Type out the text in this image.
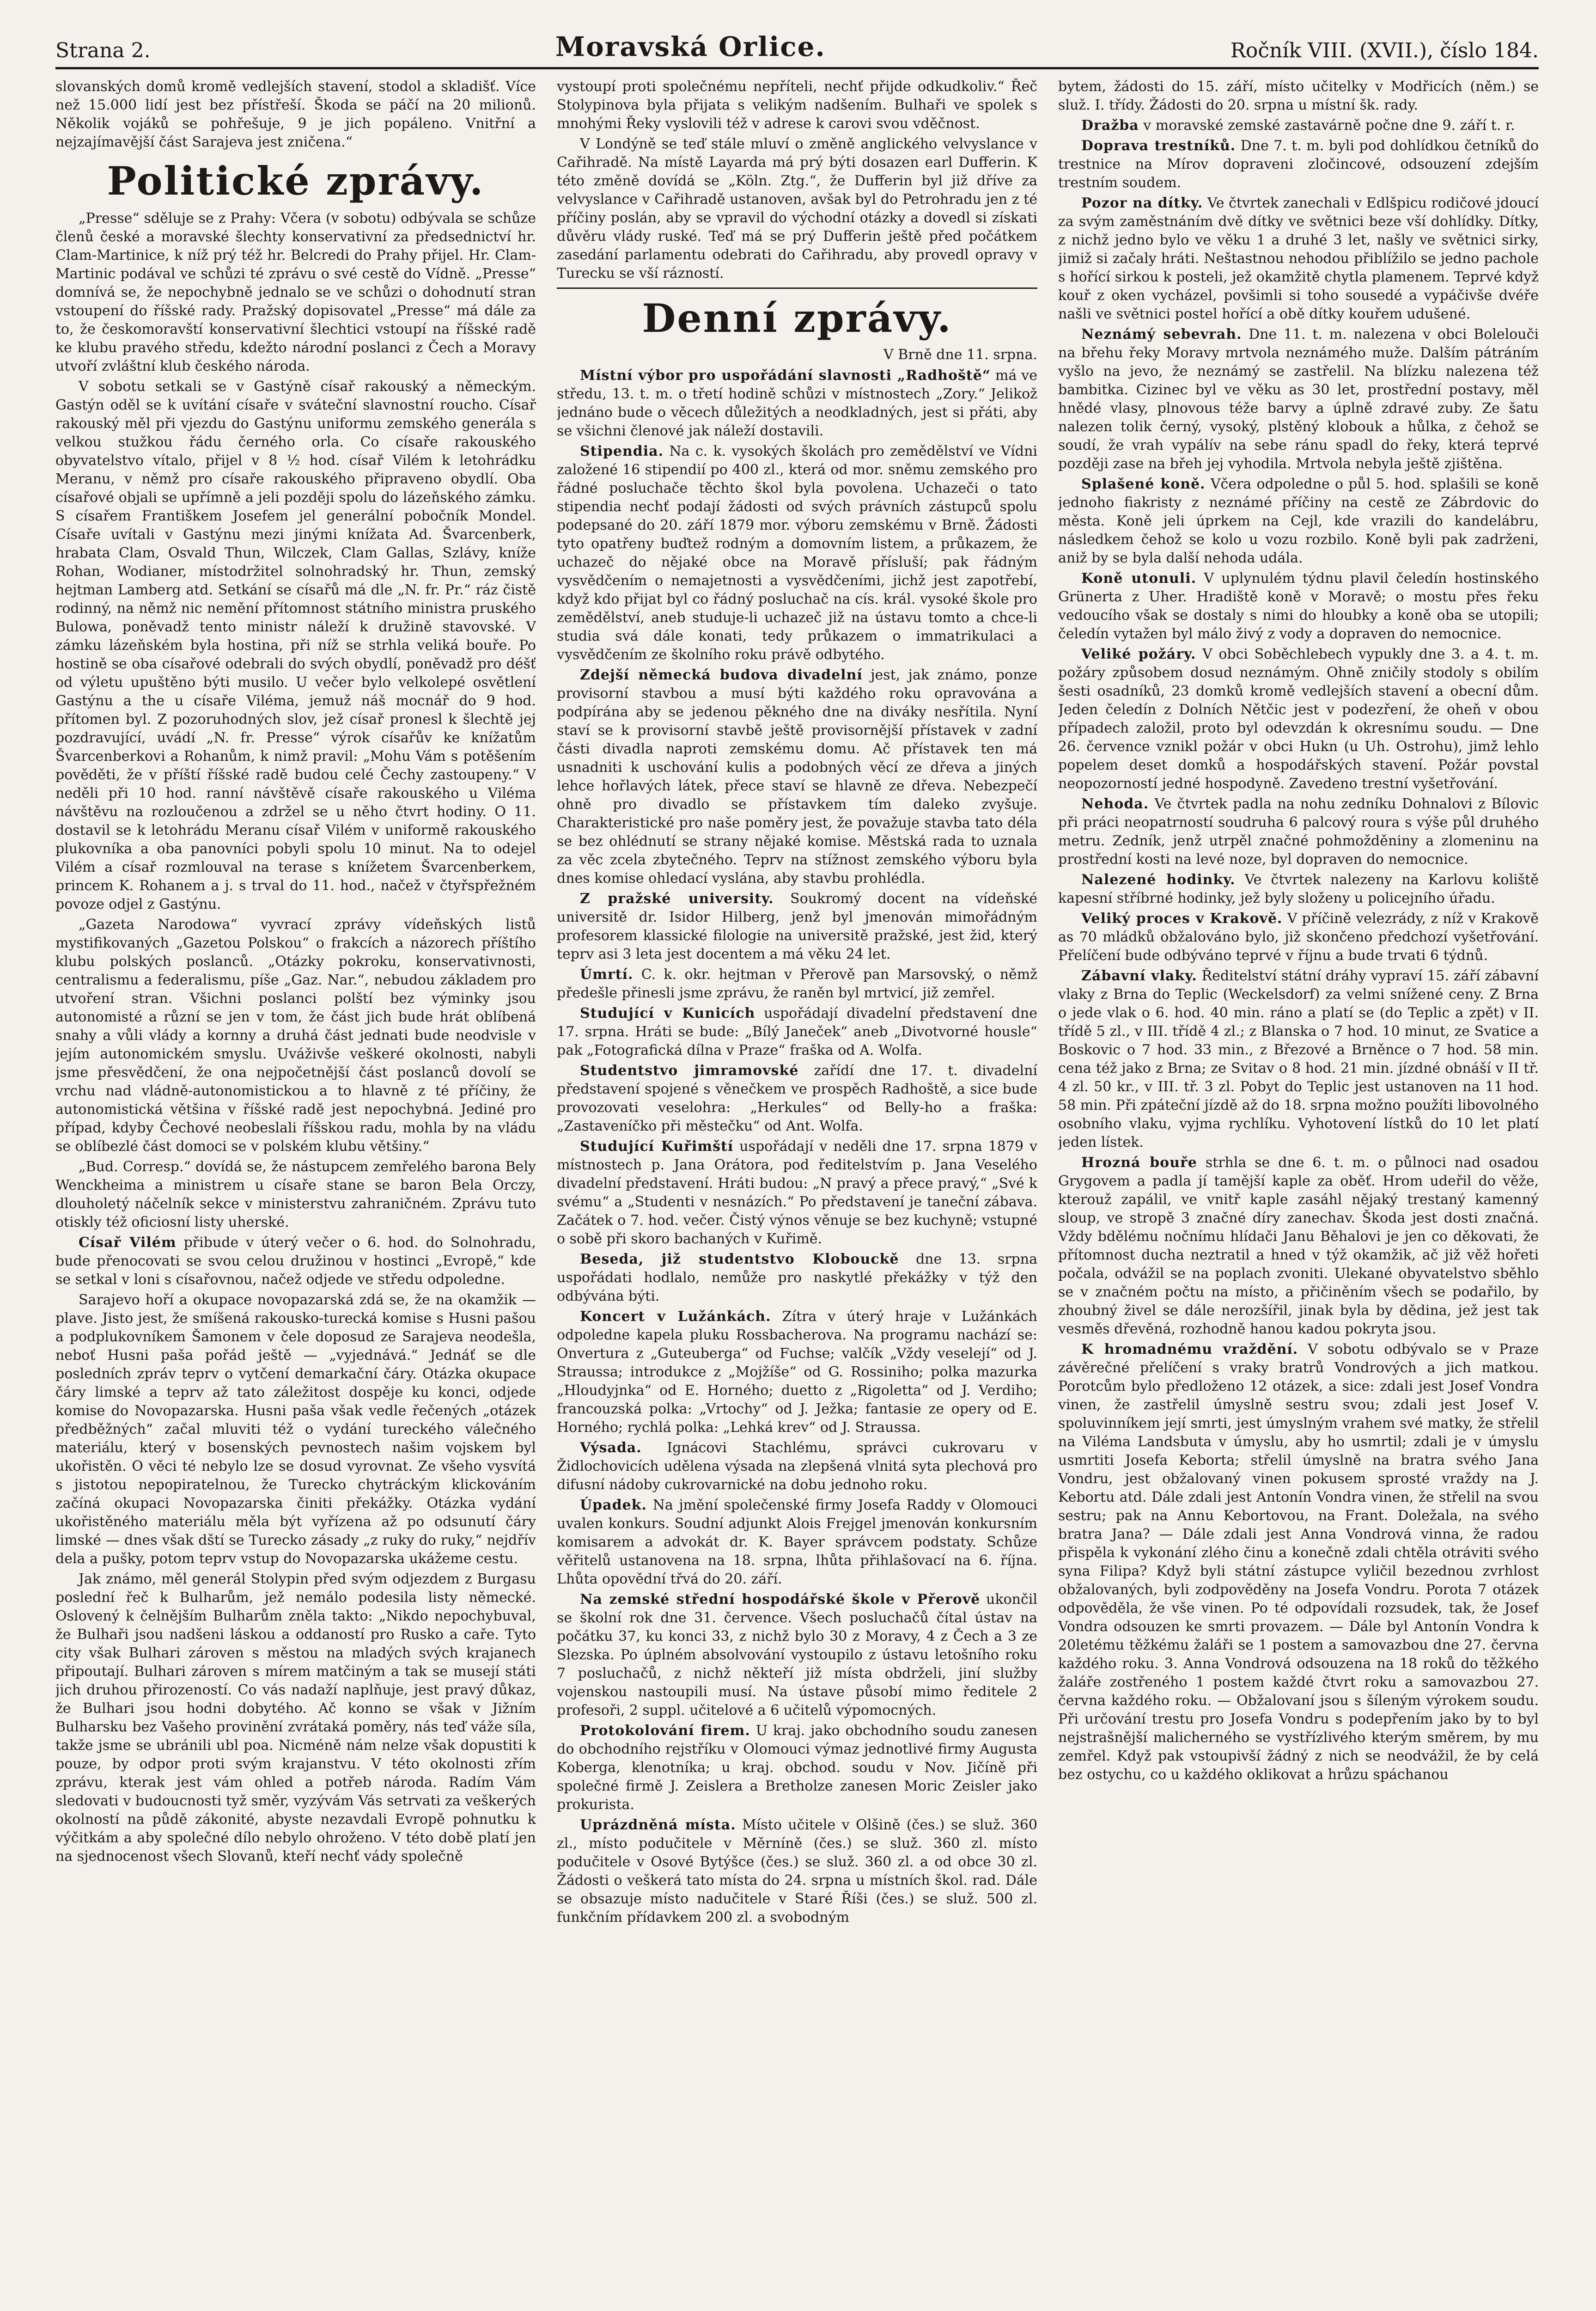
Strana 2.	Moravská Orlice.	Ročník VIII. (XVII.), číslo 184.

slovanských domů kromě vedlejších stavení, stodol a skladišť. Více než 15.000 lidí jest bez přístřeší. Škoda se páčí na 20 milionů. Několik vojáků se pohřešuje, 9 je jich popáleno. Vnitřní a nejzajímavější část Sarajeva jest zničena.“

Politické zprávy.

„Presse“ sděluje se z Prahy: Včera (v sobotu) odbývala se schůze členů české a moravské šlechty konservativní za předsednictví hr. Clam-Martinice, k níž prý též hr. Belcredi do Prahy přijel. Hr. Clam-Martinic podával ve schůzi té zprávu o své cestě do Vídně. „Presse“ domnívá se, že nepochybně jednalo se ve schůzi o dohodnutí stran vstoupení do říšské rady. Pražský dopisovatel „Presse“ má dále za to, že českomoravští konservativní šlechtici vstoupí na říšské radě ke klubu pravého středu, kdežto národní poslanci z Čech a Moravy utvoří zvláštní klub českého národa.

V sobotu setkali se v Gastýně císař rakouský a německým. Gastýn oděl se k uvítání císaře v sváteční slavnostní roucho. Císař rakouský měl při vjezdu do Gastýnu uniformu zemského generála s velkou stužkou řádu černého orla. Co císaře rakouského obyvatelstvo vítalo, přijel v 8 ½ hod. císař Vilém k letohrádku Meranu, v němž pro císaře rakouského připraveno obydlí. Oba císařové objali se upřímně a jeli později spolu do lázeňského zámku. S císařem Františkem Josefem jel generální pobočník Mondel. Císaře uvítali v Gastýnu mezi jinými knížata Ad. Švarcenberk, hrabata Clam, Osvald Thun, Wilczek, Clam Gallas, Szlávy, kníže Rohan, Wodianer, místodržitel solnohradský hr. Thun, zemský hejtman Lamberg atd. Setkání se císařů má dle „N. fr. Pr.“ ráz čistě rodinný, na němž nic nemění přítomnost státního ministra pruského Bulowa, poněvadž tento ministr náleží k družině stavovské. V zámku lázeňském byla hostina, při níž se strhla veliká bouře. Po hostině se oba císařové odebrali do svých obydlí, poněvadž pro déšť od výletu upuštěno býti musilo. U večer bylo velkolepé osvětlení Gastýnu a the u císaře Viléma, jemuž náš mocnář do 9 hod. přítomen byl. Z pozoruhodných slov, jež císař pronesl k šlechtě jej pozdravující, uvádí „N. fr. Presse“ výrok císařův ke knížatům Švarcenberkovi a Rohanům, k nimž pravil: „Mohu Vám s potěšením pověděti, že v příští říšské radě budou celé Čechy zastoupeny.“ V neděli při 10 hod. ranní návštěvě císaře rakouského u Viléma návštěvu na rozloučenou a zdržel se u něho čtvrt hodiny. O 11. dostavil se k letohrádu Meranu císař Vilém v uniformě rakouského plukovníka a oba panovníci pobyli spolu 10 minut. Na to odejel Vilém a císař rozmlouval na terase s knížetem Švarcenberkem, princem K. Rohanem a j. s trval do 11. hod., načež v čtyřspřežném povoze odjel z Gastýnu.

„Gazeta Narodowa“ vyvrací zprávy vídeňských listů mystifikovaných „Gazetou Polskou“ o frakcích a názorech příštího klubu polských poslanců. „Otázky pokroku, konservativnosti, centralismu a federalismu, píše „Gaz. Nar.“, nebudou základem pro utvoření stran. Všichni poslanci polští bez výminky jsou autonomisté a různí se jen v tom, že část jich bude hrát oblíbená snahy a vůli vlády a kornny a druhá část jednati bude neodvisle v jejím autonomickém smyslu. Uváživše veškeré okolnosti, nabyli jsme přesvědčení, že ona nejpočetnější část poslanců dovolí se vrchu nad vládně-autonomistickou a to hlavně z té příčiny, že autonomistická většina v říšské radě jest nepochybná. Jediné pro případ, kdyby Čechové neobeslali říšskou radu, mohla by na vládu se oblíbezlé část domoci se v polském klubu většiny.“

„Bud. Corresp.“ dovídá se, že nástupcem zemřelého barona Bely Wenckheima a ministrem u císaře stane se baron Bela Orczy, dlouholetý náčelník sekce v ministerstvu zahraničném. Zprávu tuto otiskly též oficiosní listy uherské.

Císař Vilém přibude v úterý večer o 6. hod. do Solnohradu, bude přenocovati se svou celou družinou v hostinci „Evropě,“ kde se setkal v loni s císařovnou, načež odjede ve středu odpoledne.

Sarajevo hoří a okupace novopazarská zdá se, že na okamžik — plave. Jisto jest, že smíšená rakousko-turecká komise s Husni pašou a podplukovníkem Šamonem v čele doposud ze Sarajeva neodešla, neboť Husni paša pořád ještě — „vyjednává.“ Jednáť se dle posledních zpráv teprv o vytčení demarkační čáry. Otázka okupace čáry limské a teprv až tato záležitost dospěje ku konci, odjede komise do Novopazarska. Husni paša však vedle řečených „otázek předběžných“ začal mluviti též o vydání tureckého válečného materiálu, který v bosenských pevnostech našim vojskem byl ukořistěn. O věci té nebylo lze se dosud vyrovnat. Ze všeho vysvítá s jistotou nepopiratelnou, že Turecko chytráckým klickováním začíná okupaci Novopazarska činiti překážky. Otázka vydání ukořistěného materiálu měla být vyřízena až po odsunutí čáry limské — dnes však dští se Turecko zásady „z ruky do ruky,“ nejdřív dela a pušky, potom teprv vstup do Novopazarska ukážeme cestu.

Jak známo, měl generál Stolypin před svým odjezdem z Burgasu poslední řeč k Bulharům, jež nemálo podesila listy německé. Oslovený k čelnějším Bulharům zněla takto: „Nikdo nepochybuval, že Bulhaři jsou nadšeni láskou a oddaností pro Rusko a caře. Tyto city však Bulhari zároven s městou na mladých svých krajanech připoutají. Bulhari zároven s mírem matčiným a tak se musejí státi jich druhou přirozeností. Co vás nadaží naplňuje, jest pravý důkaz, že Bulhari jsou hodni dobytého. Ač konno se však v Jižním Bulharsku bez Vašeho provinění zvrátaká poměry, nás teď váže síla, takže jsme se ubránili ubl poa. Nicméně nám nelze však dopustiti k pouze, by odpor proti svým krajanstvu. V této okolnosti zřím zprávu, kterak jest vám ohled a potřeb národa. Radím Vám sledovati v budoucnosti tyž směr, vyzývám Vás setrvati za veškerých okolností na půdě zákonité, abyste nezavdali Evropě pohnutku k výčitkám a aby společné dílo nebylo ohroženo. V této době platí jen na sjednocenost všech Slovanů, kteří nechť vády společně

vystoupí proti společnému nepříteli, nechť přijde odkudkoliv.“ Řeč Stolypinova byla přijata s velikým nadšením. Bulhaři ve spolek s mnohými Řeky vyslovili též v adrese k carovi svou vděčnost.

V Londýně se teď stále mluví o změně anglického velvyslance v Cařihradě. Na místě Layarda má prý býti dosazen earl Dufferin. K této změně dovídá se „Köln. Ztg.“, že Dufferin byl již dříve za velvyslance v Cařihradě ustanoven, avšak byl do Petrohradu jen z té příčiny poslán, aby se vpravil do východní otázky a dovedl si získati důvěru vlády ruské. Teď má se prý Dufferin ještě před počátkem zasedání parlamentu odebrati do Cařihradu, aby provedl opravy v Turecku se vší rázností.

Denní zprávy.
V Brně dne 11. srpna.

Místní výbor pro uspořádání slavnosti „Radhoště“ má ve středu, 13. t. m. o třetí hodině schůzi v místnostech „Zory.“ Jelikož jednáno bude o věcech důležitých a neodkladných, jest si přáti, aby se všichni členové jak náleží dostavili.

Stipendia. Na c. k. vysokých školách pro zemědělství ve Vídni založené 16 stipendií po 400 zl., která od mor. sněmu zemského pro řádné posluchače těchto škol byla povolena. Uchazeči o tato stipendia nechť podají žádosti od svých právních zástupců spolu podepsané do 20. září 1879 mor. výboru zemskému v Brně. Žádosti tyto opatřeny buďtež rodným a domovním listem, a průkazem, že uchazeč do nějaké obce na Moravě přísluší; pak řádným vysvědčením o nemajetnosti a vysvědčeními, jichž jest zapotřebí, když kdo přijat byl co řádný posluchač na cís. král. vysoké škole pro zemědělství, aneb studuje-li uchazeč již na ústavu tomto a chce-li studia svá dále konati, tedy průkazem o immatrikulaci a vysvědčením ze školního roku právě odbytého.

Zdejší německá budova divadelní jest, jak známo, ponze provisorní stavbou a musí býti každého roku opravována a podpírána aby se jedenou pěkného dne na diváky nesřítila. Nyní staví se k provisorní stavbě ještě provisornější přístavek v zadní části divadla naproti zemskému domu. Ač přístavek ten má usnadniti k uschování kulis a podobných věcí ze dřeva a jiných lehce hořlavých látek, přece staví se hlavně ze dřeva. Nebezpečí ohně pro divadlo se přístavkem tím daleko zvyšuje. Charakteristické pro naše poměry jest, že považuje stavba tato déla se bez ohlédnutí se strany nějaké komise. Městská rada to uznala za věc zcela zbytečného. Teprv na stížnost zemského výboru byla dnes komise ohledací vyslána, aby stavbu prohlédla.

Z pražské university. Soukromý docent na vídeňské universitě dr. Isidor Hilberg, jenž byl jmenován mimořádným profesorem klassické filologie na universitě pražské, jest žid, který teprv asi 3 leta jest docentem a má věku 24 let.

Úmrtí. C. k. okr. hejtman v Přerově pan Marsovský, o němž předešle přinesli jsme zprávu, že raněn byl mrtvicí, již zemřel.

Studující v Kunicích uspořádají divadelní představení dne 17. srpna. Hráti se bude: „Bílý Janeček“ aneb „Divotvorné housle“ pak „Fotografická dílna v Praze“ fraška od A. Wolfa.

Studentstvo jimramovské zařídí dne 17. t. divadelní představení spojené s věnečkem ve prospěch Radhoště, a sice bude provozovati veselohra: „Herkules“ od Belly-ho a fraška: „Zastaveníčko při městečku“ od Ant. Wolfa.

Studující Kuřimští uspořádají v neděli dne 17. srpna 1879 v místnostech p. Jana Orátora, pod ředitelstvím p. Jana Veselého divadelní představení. Hráti budou: „N pravý a přece pravý,“ „Své k svému“ a „Studenti v nesnázích.“ Po představení je taneční zábava. Začátek o 7. hod. večer. Čistý výnos věnuje se bez kuchyně; vstupné o sobě při skoro bachaných v Kuřimě.

Beseda, již studentstvo Klobouckě dne 13. srpna uspořádati hodlalo, nemůže pro naskytlé překážky v týž den odbývána býti.

Koncert v Lužánkách. Zítra v úterý hraje v Lužánkách odpoledne kapela pluku Rossbacherova. Na programu nachází se: Onvertura z „Guteuberga“ od Fuchse; valčík „Vždy veselejí“ od J. Straussa; introdukce z „Mojžíše“ od G. Rossiniho; polka mazurka „Hloudyjnka“ od E. Horného; duetto z „Rigoletta“ od J. Verdiho; francouzská polka: „Vrtochy“ od J. Ježka; fantasie ze opery od E. Horného; rychlá polka: „Lehká krev“ od J. Straussa.

Výsada. Ignácovi Stachlému, správci cukrovaru v Židlochovicích udělena výsada na zlepšená vlnitá syta plechová pro difusní nádoby cukrovarnické na dobu jednoho roku.

Úpadek. Na jmění společenské firmy Josefa Raddy v Olomouci uvalen konkurs. Soudní adjunkt Alois Frejgel jmenován konkursním komisarem a advokát dr. K. Bayer správcem podstaty. Schůze věřitelů ustanovena na 18. srpna, lhůta přihlašovací na 6. října. Lhůta opovědní třvá do 20. září.

Na zemské střední hospodářské škole v Přerově ukončil se školní rok dne 31. července. Všech posluchačů čítal ústav na počátku 37, ku konci 33, z nichž bylo 30 z Moravy, 4 z Čech a 3 ze Slezska. Po úplném absolvování vystoupilo z ústavu letošního roku 7 posluchačů, z nichž někteří již místa obdrželi, jiní služby vojenskou nastoupili musí. Na ústave působí mimo ředitele 2 profesoři, 2 suppl. učitelové a 6 učitelů výpomocných.

Protokolování firem. U kraj. jako obchodního soudu zanesen do obchodního rejstříku v Olomouci výmaz jednotlivé firmy Augusta Koberga, klenotníka; u kraj. obchod. soudu v Nov. Jičíně při společné firmě J. Zeislera a Bretholze zanesen Moric Zeisler jako prokurista.

Uprázdněná místa. Místo učitele v Olšině (čes.) se služ. 360 zl., místo podučitele v Měrníně (čes.) se služ. 360 zl. místo podučitele v Osové Bytýšce (čes.) se služ. 360 zl. a od obce 30 zl. Žádosti o veškerá tato místa do 24. srpna u místních škol. rad. Dále se obsazuje místo nadučitele v Staré Říši (čes.) se služ. 500 zl. funkčním přídavkem 200 zl. a svobodným

bytem, žádosti do 15. září, místo učitelky v Modřicích (něm.) se služ. I. třídy. Žádosti do 20. srpna u místní šk. rady.

Dražba v moravské zemské zastavárně počne dne 9. září t. r.

Doprava trestníků. Dne 7. t. m. byli pod dohlídkou četníků do trestnice na Mírov dopraveni zločincové, odsouzení zdejším trestním soudem.

Pozor na dítky. Ve čtvrtek zanechali v Edlšpicu rodičové jdoucí za svým zaměstnáním dvě dítky ve světnici beze vší dohlídky. Dítky, z nichž jedno bylo ve věku 1 a druhé 3 let, našly ve světnici sirky, jimiž si začaly hráti. Neštastnou nehodou přiblížilo se jedno pachole s hořící sirkou k posteli, jež okamžitě chytla plamenem. Teprvé když kouř z oken vycházel, povšimli si toho sousedé a vypáčivše dvéře našli ve světnici postel hořící a obě dítky kouřem udušené.

Neznámý sebevrah. Dne 11. t. m. nalezena v obci Bolelouči na břehu řeky Moravy mrtvola neznámého muže. Dalším pátráním vyšlo na jevo, že neznámý se zastřelil. Na blízku nalezena též bambitka. Cizinec byl ve věku as 30 let, prostřední postavy, měl hnědé vlasy, plnovous téže barvy a úplně zdravé zuby. Ze šatu nalezen tolik černý, vysoký, plstěný klobouk a hůlka, z čehož se soudí, že vrah vypálív na sebe ránu spadl do řeky, která teprvé později zase na břeh jej vyhodila. Mrtvola nebyla ještě zjištěna.

Splašené koně. Včera odpoledne o půl 5. hod. splašili se koně jednoho fiakristy z neznámé příčiny na cestě ze Zábrdovic do města. Koně jeli úprkem na Cejl, kde vrazili do kandelábru, následkem čehož se kolo u vozu rozbilo. Koně byli pak zadrženi, aniž by se byla další nehoda udála.

Koně utonuli. V uplynulém týdnu plavil čeledín hostinského Grünerta z Uher. Hradiště koně v Moravě; o mostu přes řeku vedoucího však se dostaly s nimi do hloubky a koně oba se utopili; čeledín vytažen byl málo živý z vody a dopraven do nemocnice.

Veliké požáry. V obci Soběchlebech vypukly dne 3. a 4. t. m. požáry způsobem dosud neznámým. Ohně zničily stodoly s obilím šesti osadníků, 23 domků kromě vedlejších stavení a obecní dům. Jeden čeledín z Dolních Nětčic jest v podezření, že oheň v obou případech založil, proto byl odevzdán k okresnímu soudu. — Dne 26. července vznikl požár v obci Hukn (u Uh. Ostrohu), jimž lehlo popelem deset domků a hospodářských stavení. Požár povstal neopozorností jedné hospodyně. Zavedeno trestní vyšetřování.

Nehoda. Ve čtvrtek padla na nohu zedníku Dohnalovi z Bílovic při práci neopatrností soudruha 6 palcový roura s výše půl druhého metru. Zedník, jenž utrpěl značné pohmožděniny a zlomeninu na prostřední kosti na levé noze, byl dopraven do nemocnice.

Nalezené hodinky. Ve čtvrtek nalezeny na Karlovu koliště kapesní stříbrné hodinky, jež byly složeny u policejního úřadu.

Veliký proces v Krakově. V příčině velezrády, z níž v Krakově as 70 mládků obžalováno bylo, již skončeno předchozí vyšetřování. Přelíčení bude odbýváno teprvé v říjnu a bude trvati 6 týdnů.

Zábavní vlaky. Ředitelství státní dráhy vypraví 15. září zábavní vlaky z Brna do Teplic (Weckelsdorf) za velmi snížené ceny. Z Brna o jede vlak o 6. hod. 40 min. ráno a platí se (do Teplic a zpět) v II. třídě 5 zl., v III. třídě 4 zl.; z Blanska o 7 hod. 10 minut, ze Svatice a Boskovic o 7 hod. 33 min., z Březové a Brněnce o 7 hod. 58 min. cena též jako z Brna; ze Svitav o 8 hod. 21 min. jízdné obnáší v II tř. 4 zl. 50 kr., v III. tř. 3 zl. Pobyt do Teplic jest ustanoven na 11 hod. 58 min. Při zpáteční jízdě až do 18. srpna možno použíti libovolného osobního vlaku, vyjma rychlíku. Vyhotovení lístků do 10 let platí jeden lístek.

Hrozná bouře strhla se dne 6. t. m. o půlnoci nad osadou Grygovem a padla jí tamější kaple za oběť. Hrom udeřil do věže, kterouž zapálil, ve vnitř kaple zasáhl nějaký trestaný kamenný sloup, ve stropě 3 značné díry zanechav. Škoda jest dosti značná. Vždy bdělému nočnímu hlídači Janu Běhalovi je jen co děkovati, že přítomnost ducha neztratil a hned v týž okamžik, ač již věž hořeti počala, odvážil se na poplach zvoniti. Ulekané obyvatelstvo sběhlo se v značném počtu na místo, a přičiněním všech se podařilo, by zhoubný živel se dále nerozšířil, jinak byla by dědina, jež jest tak vesměs dřevěná, rozhodně hanou kadou pokryta jsou.

K hromadnému vraždění. V sobotu odbývalo se v Praze závěrečné přelíčení s vraky bratrů Vondrových a jich matkou. Porotcům bylo předloženo 12 otázek, a sice: zdali jest Josef Vondra vinen, že zastřelil úmyslně sestru svou; zdali jest Josef V. spoluvinníkem její smrti, jest úmyslným vrahem své matky, že střelil na Viléma Landsbuta v úmyslu, aby ho usmrtil; zdali je v úmyslu usmrtiti Josefa Keborta; střelil úmyslně na bratra svého Jana Vondru, jest obžalovaný vinen pokusem sprosté vraždy na J. Kebortu atd. Dále zdali jest Antonín Vondra vinen, že střelil na svou sestru; pak na Annu Kebortovou, na Frant. Doležala, na svého bratra Jana? — Dále zdali jest Anna Vondrová vinna, že radou přispěla k vykonání zlého činu a konečně zdali chtěla otráviti svého syna Filipa? Když byli státní zástupce vyličil bezednou zvrhlost obžalovaných, byli zodpověděny na Josefa Vondru. Porota 7 otázek odpověděla, že vše vinen. Po té odpovídali rozsudek, tak, že Josef Vondra odsouzen ke smrti provazem. — Dále byl Antonín Vondra k 20letému těžkému žaláři se 1 postem a samovazbou dne 27. června každého roku. 3. Anna Vondrová odsouzena na 18 roků do těžkého žaláře zostřeného 1 postem každé čtvrt roku a samovazbou 27. června každého roku. — Obžalovaní jsou s šíleným výrokem soudu. Při určování trestu pro Josefa Vondru s podepřením jako by to byl nejstrašnější malicherného se vystřízlivého kterým směrem, by mu zemřel. Když pak vstoupivší žádný z nich se neodvážil, že by celá bez ostychu, co u každého oklikovat a hrůzu spáchanou
